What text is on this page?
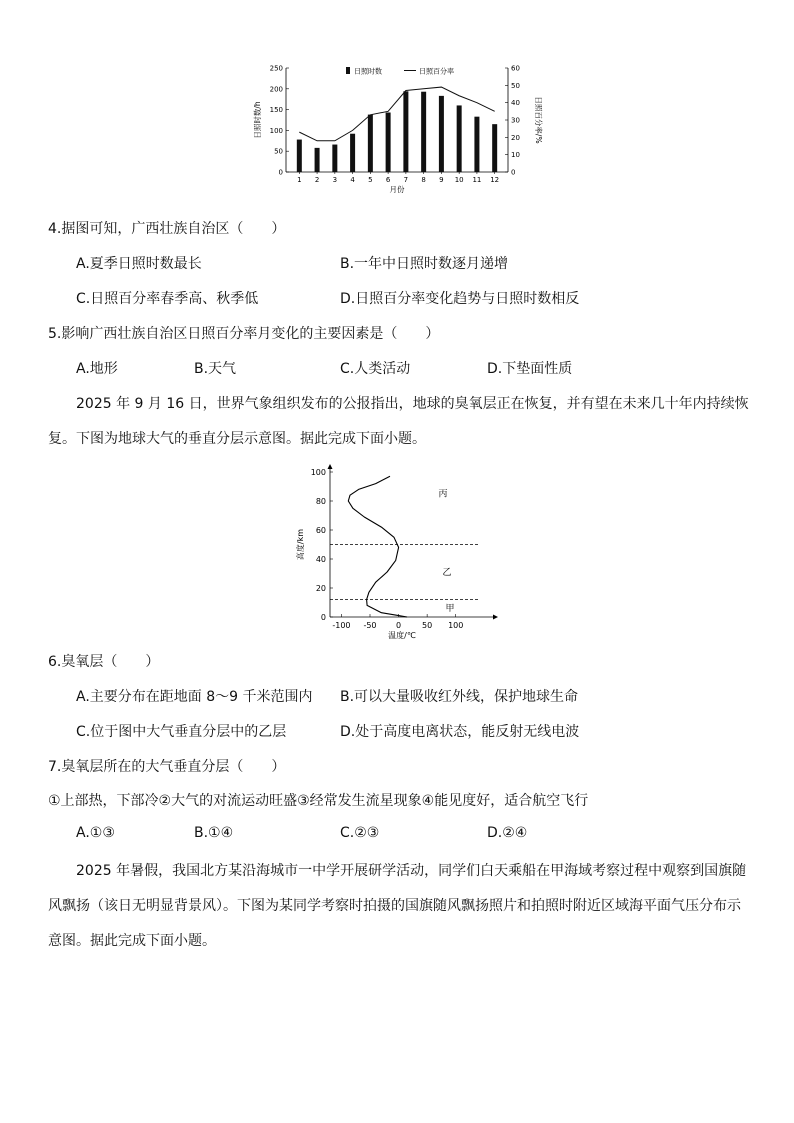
0
50
100
150
200
250
0
10
20
30
40
50
60
1 2 3 4 5 6 7 8 9 10 11 12
日照时数	日照百分率
月份
日照时数/h	日照百分率/%
4.据图可知，广西壮族自治区（　　）
A.夏季日照时数最长	B.一年中日照时数逐月递增
C.日照百分率春季高、秋季低	D.日照百分率变化趋势与日照时数相反
5.影响广西壮族自治区日照百分率月变化的主要因素是（　　）
A.地形	B.天气	C.人类活动	D.下垫面性质
2025 年 9 月 16 日，世界气象组织发布的公报指出，地球的臭氧层正在恢复，并有望在未来几十年内持续恢
复。下图为地球大气的垂直分层示意图。据此完成下面小题。
0
20
40
60
80
100
-100 -50 0	50 100
甲
乙
丙
温度/℃
高度/km
6.臭氧层（　　）
A.主要分布在距地面 8～9 千米范围内 B.可以大量吸收红外线，保护地球生命
C.位于图中大气垂直分层中的乙层	D.处于高度电离状态，能反射无线电波
7.臭氧层所在的大气垂直分层（　　）
①上部热，下部冷②大气的对流运动旺盛③经常发生流星现象④能见度好，适合航空飞行
A.①③	B.①④	C.②③	D.②④
2025 年暑假，我国北方某沿海城市一中学开展研学活动，同学们白天乘船在甲海域考察过程中观察到国旗随
风飘扬（该日无明显背景风）。下图为某同学考察时拍摄的国旗随风飘扬照片和拍照时附近区域海平面气压分布示
意图。据此完成下面小题。
